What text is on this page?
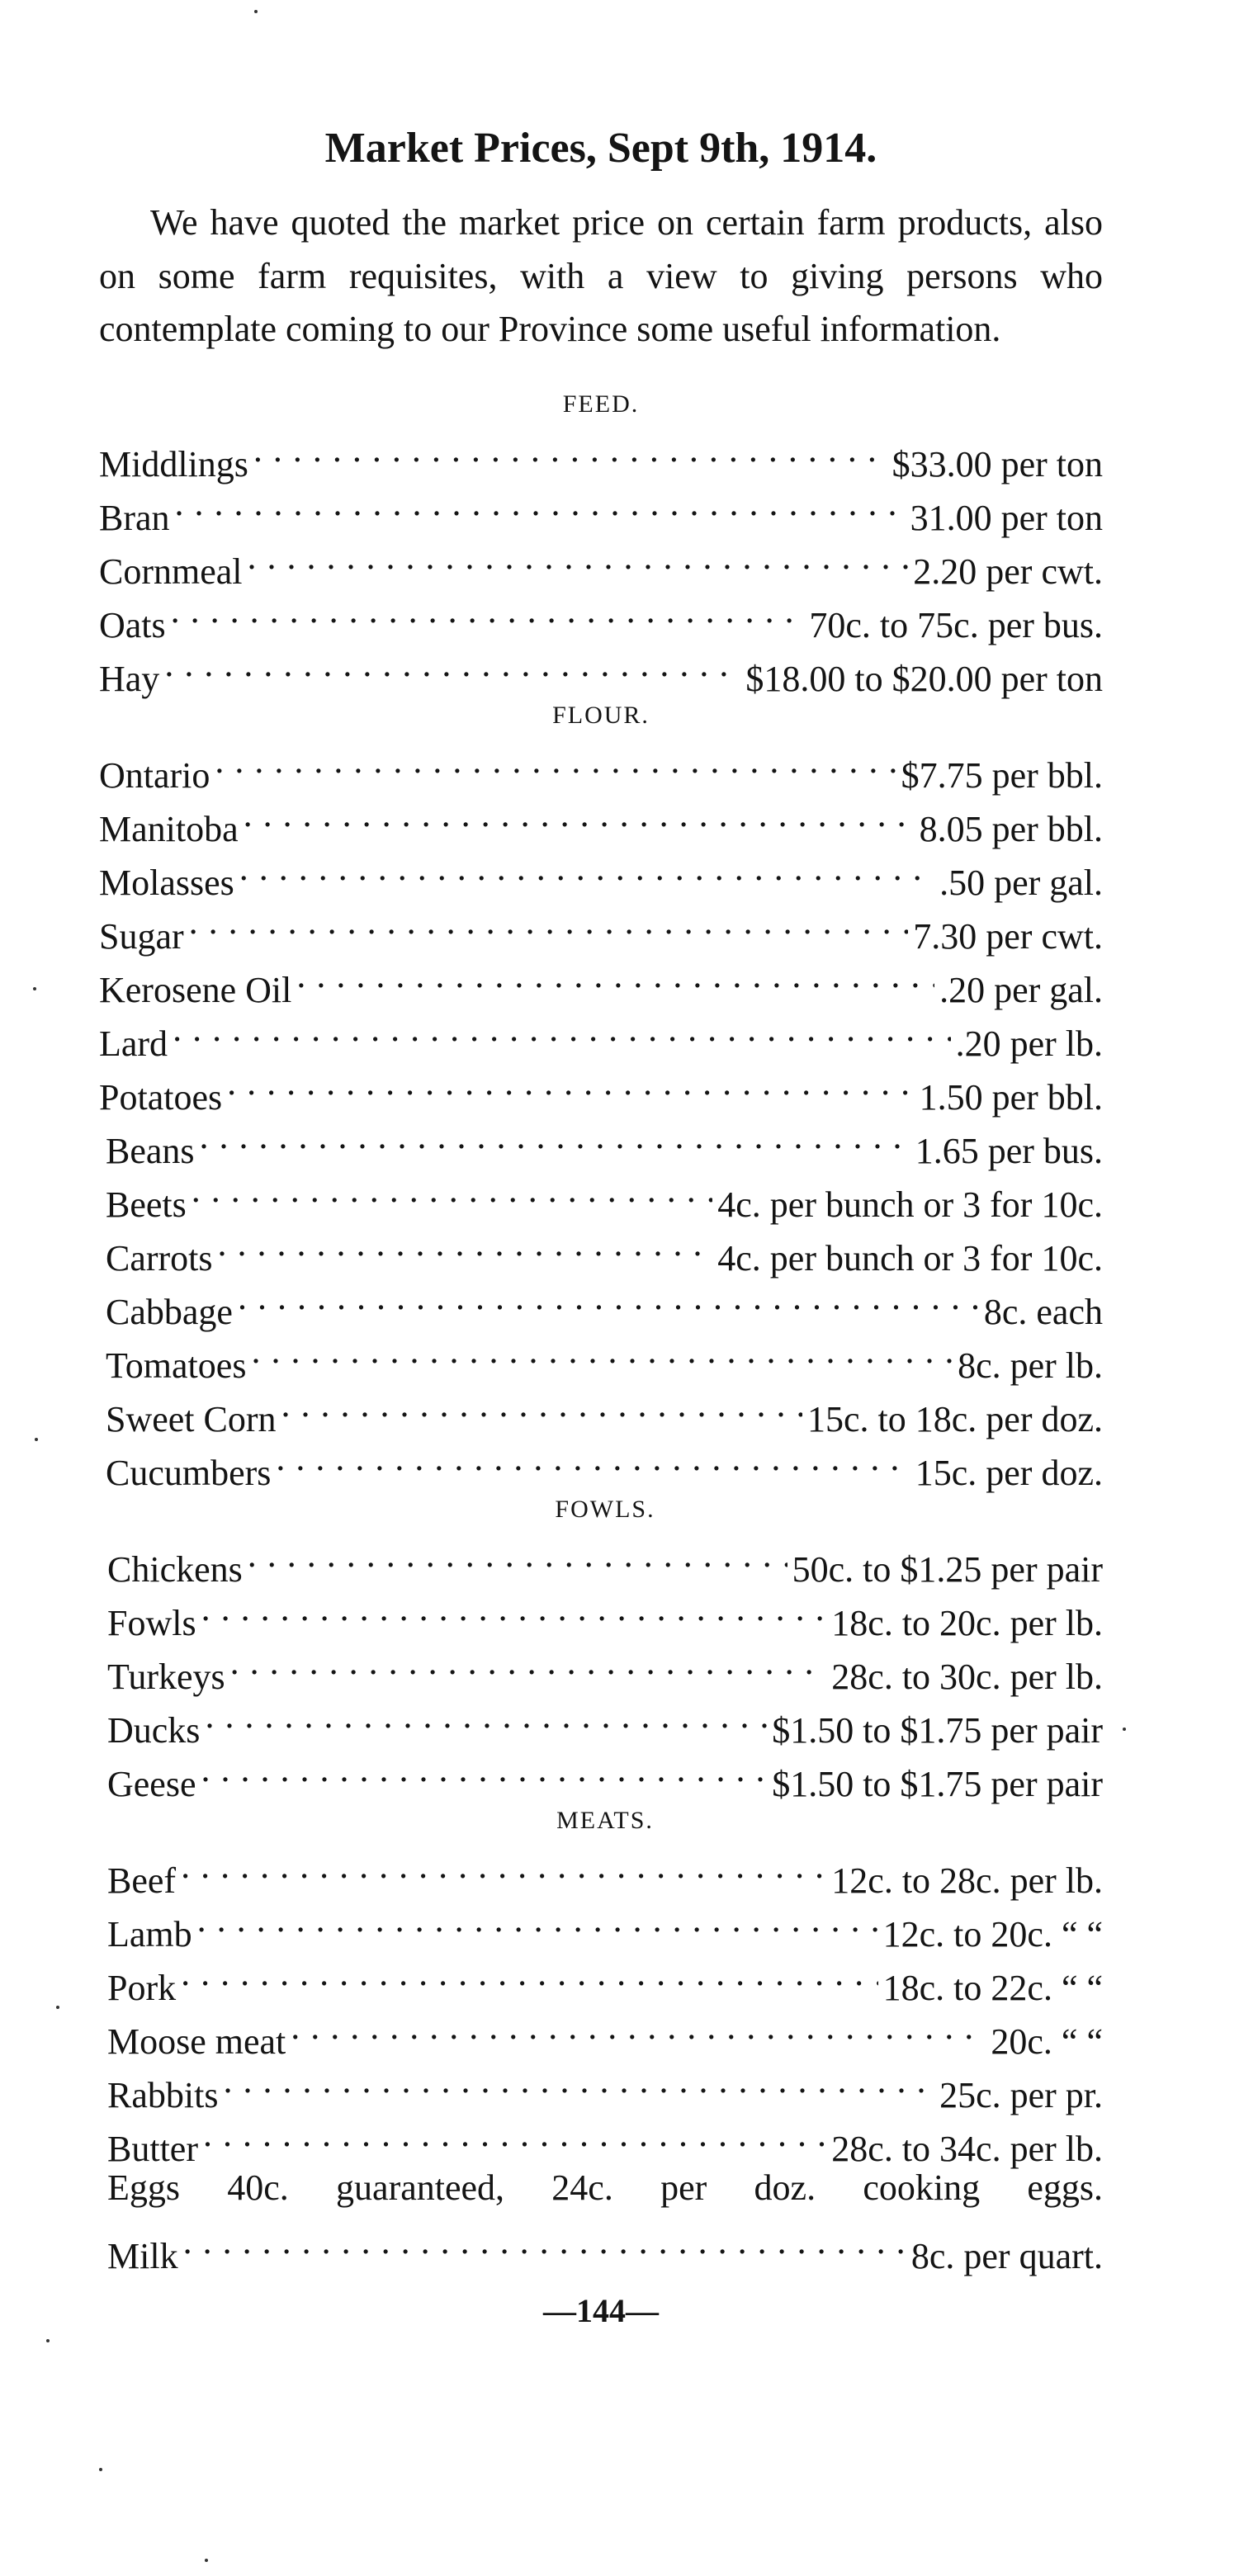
Market Prices, Sept 9th, 1914.

We have quoted the market price on certain farm products, also on some farm requisites, with a view to giving persons who contemplate coming to our Province some useful information.

FEED.
Middlings . . .	$33.00 per ton
Bran . . .	31.00 per ton
Cornmeal . . .	2.20 per cwt.
Oats . . .	70c. to 75c. per bus.
Hay . . .	$18.00 to $20.00 per ton
FLOUR.
Ontario . . .	$7.75 per bbl.
Manitoba . . .	8.05 per bbl.
Molasses . . .	.50 per gal.
Sugar . . .	7.30 per cwt.
Kerosene Oil . . .	.20 per gal.
Lard . . .	.20 per lb.
Potatoes . . .	1.50 per bbl.
Beans . . .	1.65 per bus.
Beets . . .	4c. per bunch or 3 for 10c.
Carrots . . .	4c. per bunch or 3 for 10c.
Cabbage . . .	8c. each
Tomatoes . . .	8c. per lb.
Sweet Corn . . .	15c. to 18c. per doz.
Cucumbers . . .	15c. per doz.
FOWLS.
Chickens . . .	50c. to $1.25 per pair
Fowls . . .	18c. to 20c. per lb.
Turkeys . . .	28c. to 30c. per lb.
Ducks . . .	$1.50 to $1.75 per pair
Geese . . .	$1.50 to $1.75 per pair
MEATS.
Beef . . .	12c. to 28c. per lb.
Lamb . . .	12c. to 20c. “ “
Pork . . .	18c. to 22c. “ “
Moose meat . . .	20c. “ “
Rabbits . . .	25c. per pr.
Butter . . .	28c. to 34c. per lb.
Eggs 40c. guaranteed, 24c. per doz. cooking eggs.
Milk . . .	8c. per quart.
—144—
